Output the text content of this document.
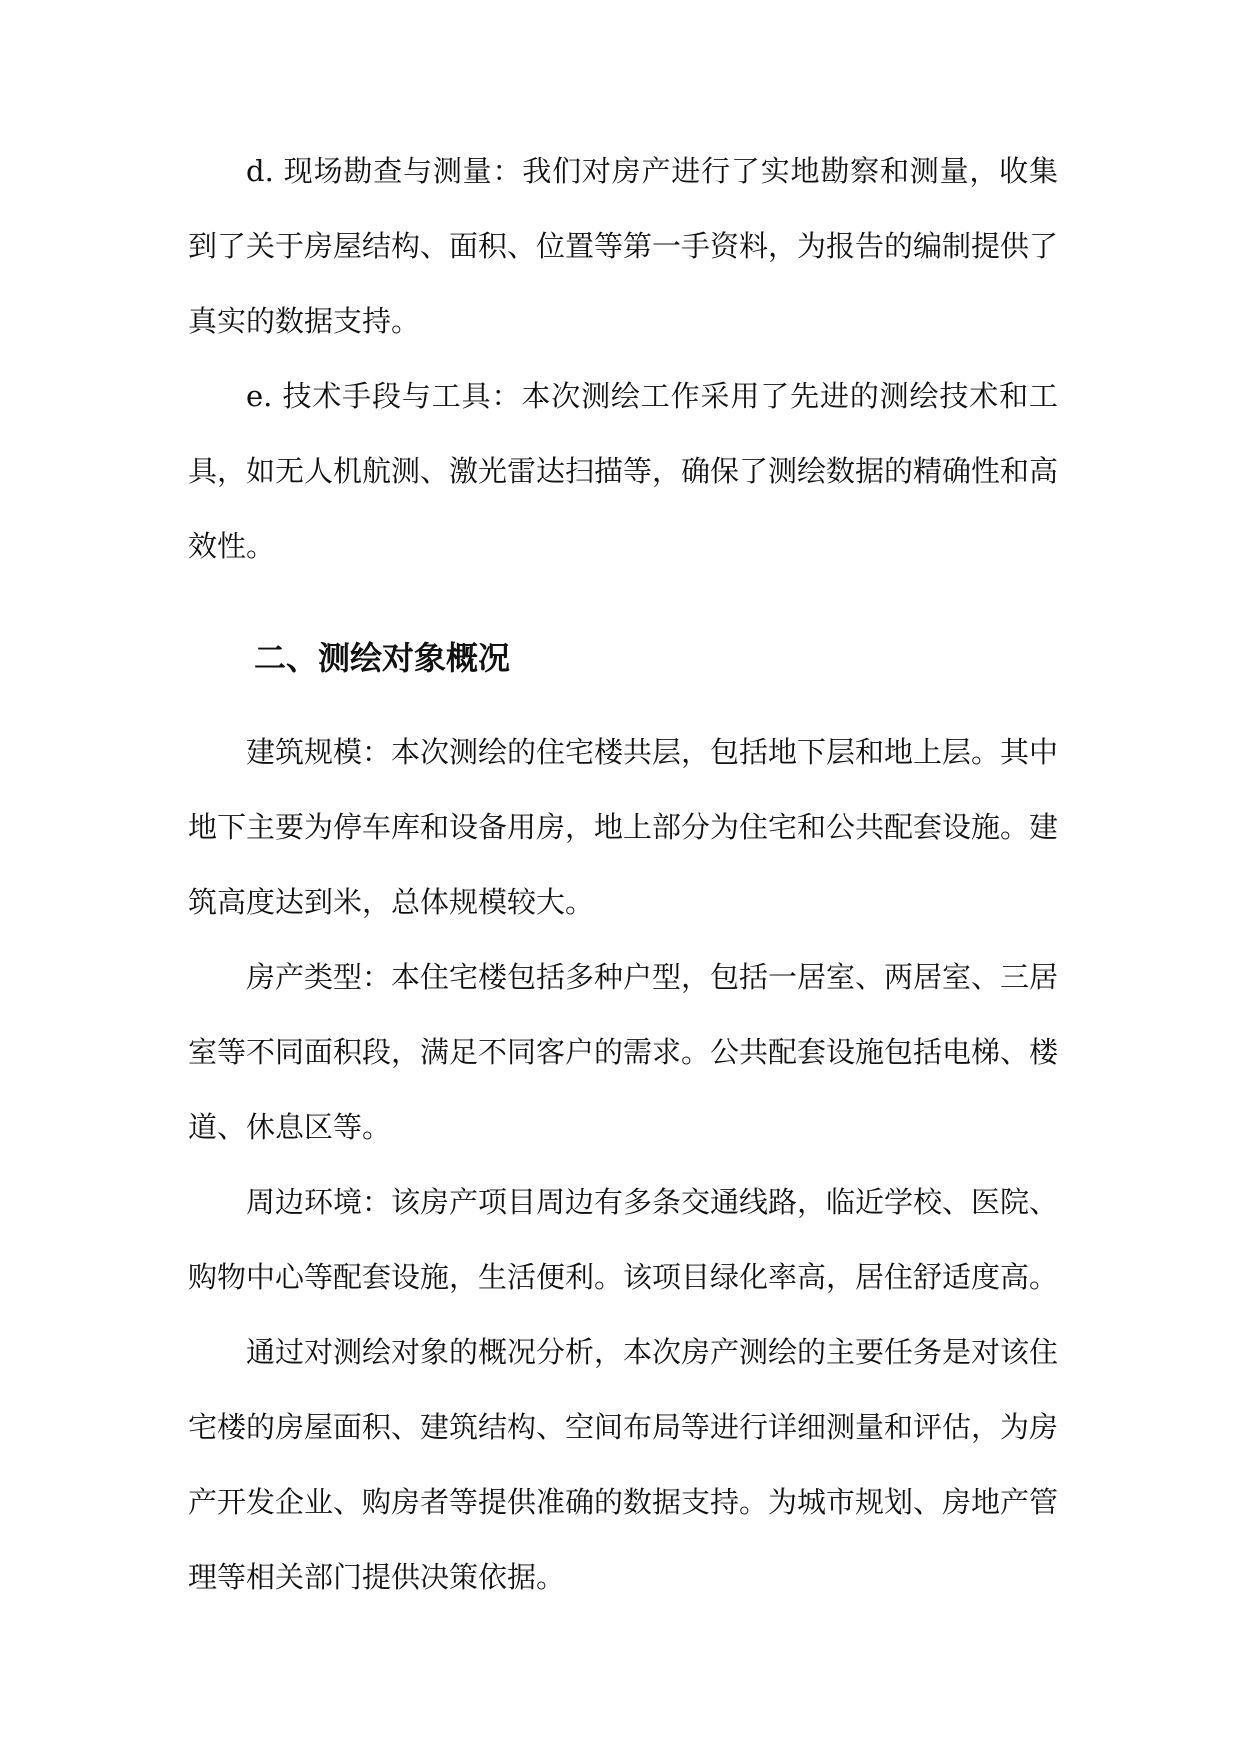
d. 现场勘查与测量：我们对房产进行了实地勘察和测量，收集到了关于房屋结构、面积、位置等第一手资料，为报告的编制提供了真实的数据支持。

e. 技术手段与工具：本次测绘工作采用了先进的测绘技术和工具，如无人机航测、激光雷达扫描等，确保了测绘数据的精确性和高效性。

二、测绘对象概况

建筑规模：本次测绘的住宅楼共层，包括地下层和地上层。其中地下主要为停车库和设备用房，地上部分为住宅和公共配套设施。建筑高度达到米，总体规模较大。

房产类型：本住宅楼包括多种户型，包括一居室、两居室、三居室等不同面积段，满足不同客户的需求。公共配套设施包括电梯、楼道、休息区等。

周边环境：该房产项目周边有多条交通线路，临近学校、医院、购物中心等配套设施，生活便利。该项目绿化率高，居住舒适度高。

通过对测绘对象的概况分析，本次房产测绘的主要任务是对该住宅楼的房屋面积、建筑结构、空间布局等进行详细测量和评估，为房产开发企业、购房者等提供准确的数据支持。为城市规划、房地产管理等相关部门提供决策依据。
